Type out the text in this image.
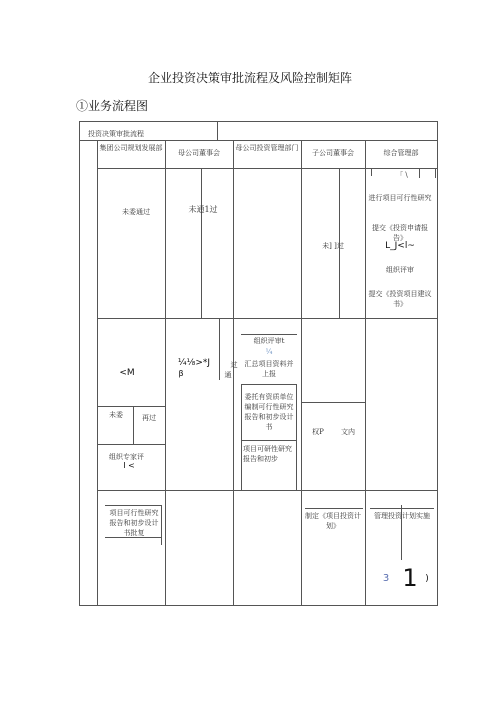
企业投资决策审批流程及风险控制矩阵
①业务流程图
投资决策审批流程
集团公司规划发展部
母公司董事会
母公司投资管理部门
子公司董事会	综合管理部
未委通过	未通1过
未] ]过
「 \
进行项目可行性研究
提交《投资申请报告》
L_J<l~
组织评审
提交《投资项目建议书》
<M
¼⅛>*J
β
过
通
组织评审t
¼
汇总项目资料并上报
委托有资质单位编制可行性研究报告和初步设计书
项目可研性研究报告和初步
未委	再过
组织专家评
I <
权P	文内
项目可行性研究报告和初步设计书批复
制定《项目投资计划》
管理投资计划实施
3 1 )
